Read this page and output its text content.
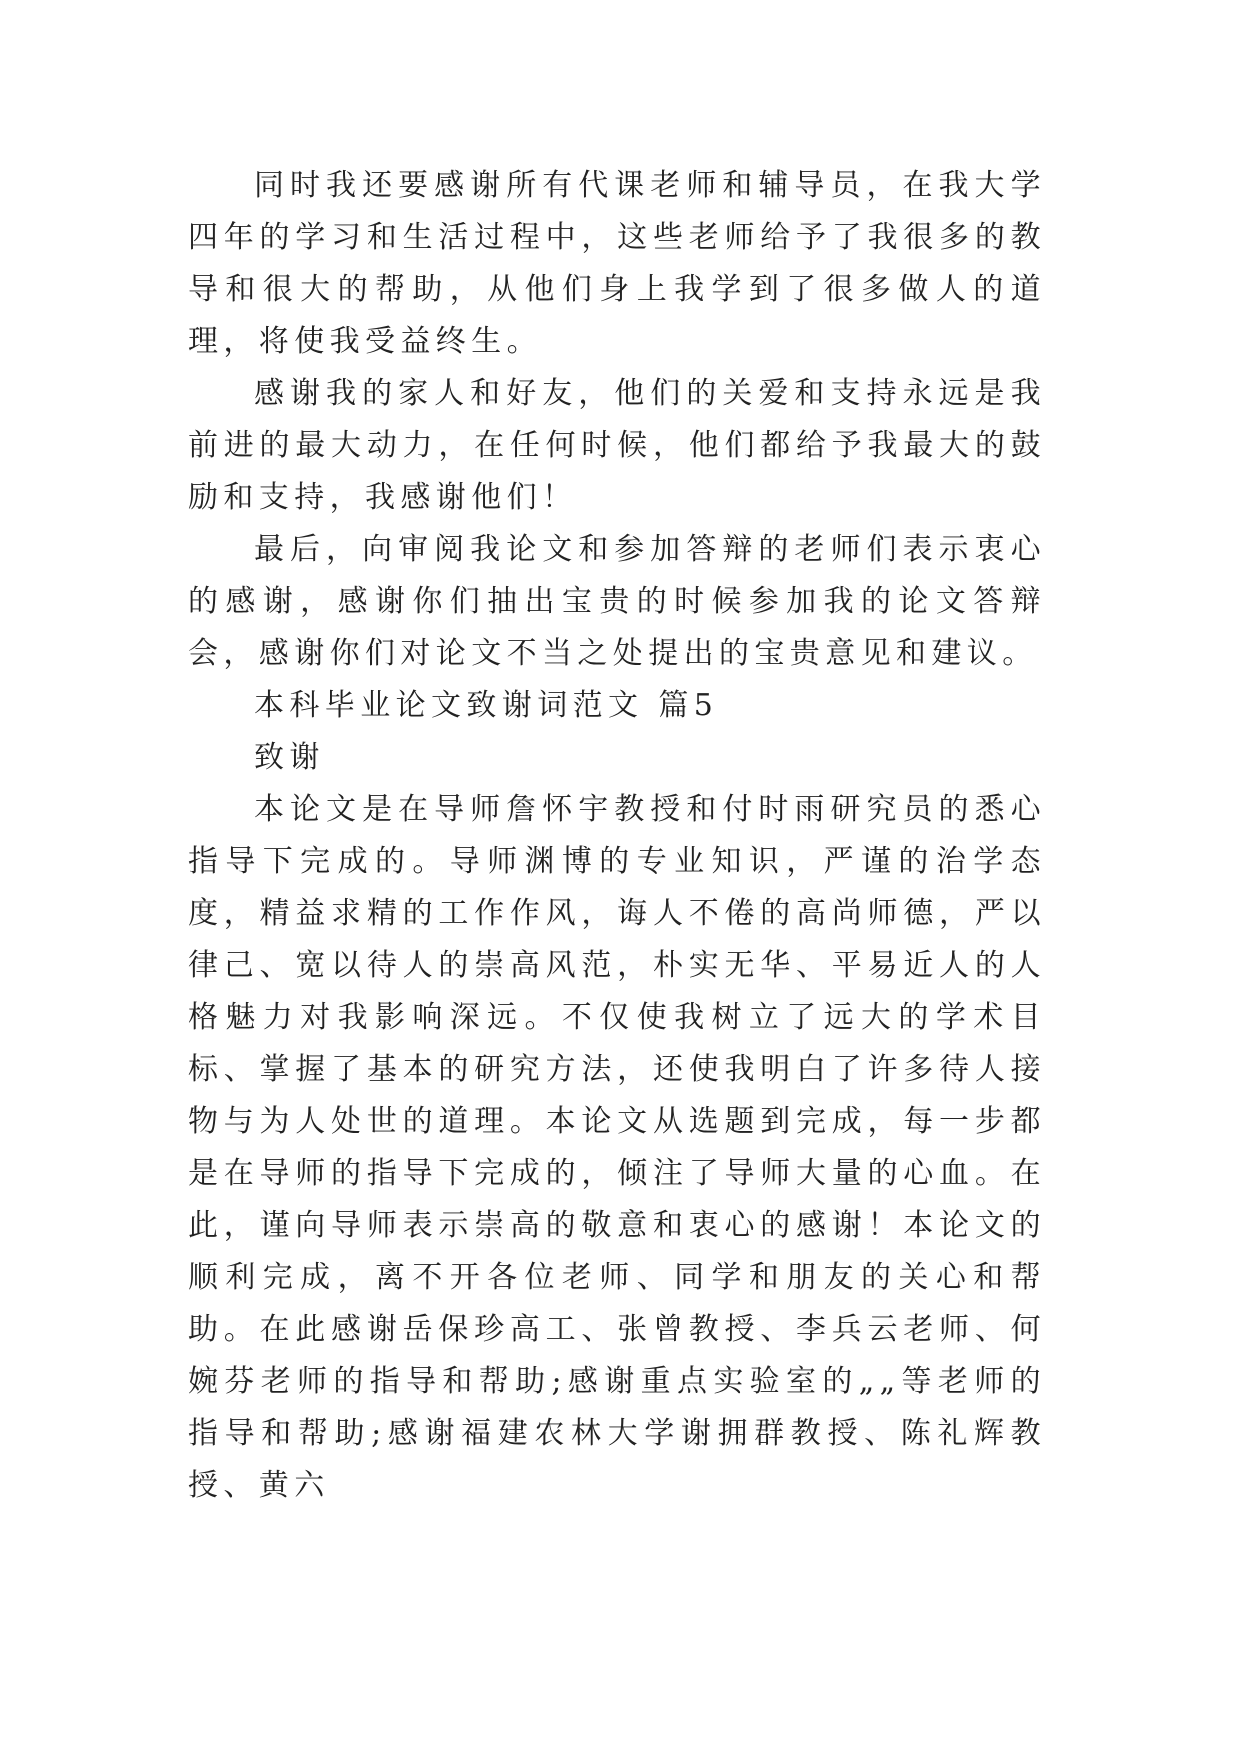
同时我还要感谢所有代课老师和辅导员，在我大学四年的学习和生活过程中，这些老师给予了我很多的教导和很大的帮助，从他们身上我学到了很多做人的道理，将使我受益终生。

感谢我的家人和好友，他们的关爱和支持永远是我前进的最大动力，在任何时候，他们都给予我最大的鼓励和支持，我感谢他们！

最后，向审阅我论文和参加答辩的老师们表示衷心的感谢，感谢你们抽出宝贵的时候参加我的论文答辩会，感谢你们对论文不当之处提出的宝贵意见和建议。

本科毕业论文致谢词范文 篇5

致谢

本论文是在导师詹怀宇教授和付时雨研究员的悉心指导下完成的。导师渊博的专业知识，严谨的治学态度，精益求精的工作作风，诲人不倦的高尚师德，严以律己、宽以待人的崇高风范，朴实无华、平易近人的人格魅力对我影响深远。不仅使我树立了远大的学术目标、掌握了基本的研究方法，还使我明白了许多待人接物与为人处世的道理。本论文从选题到完成，每一步都是在导师的指导下完成的，倾注了导师大量的心血。在此，谨向导师表示崇高的敬意和衷心的感谢！本论文的顺利完成，离不开各位老师、同学和朋友的关心和帮助。在此感谢岳保珍高工、张曾教授、李兵云老师、何婉芬老师的指导和帮助;感谢重点实验室的„„等老师的指导和帮助;感谢福建农林大学谢拥群教授、陈礼辉教授、黄六
